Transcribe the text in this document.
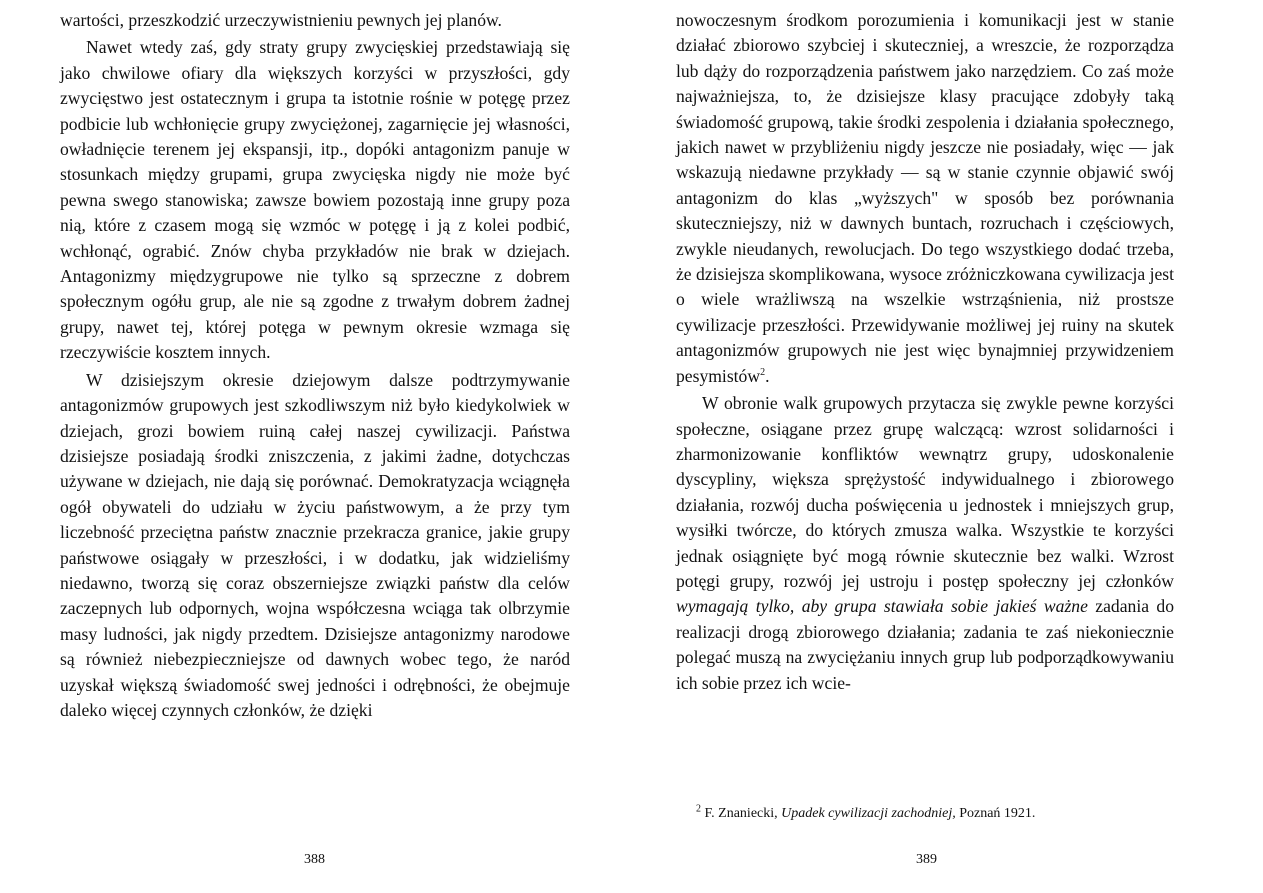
wartości, przeszkodzić urzeczywistnieniu pewnych jej planów.

Nawet wtedy zaś, gdy straty grupy zwycięskiej przedstawiają się jako chwilowe ofiary dla większych korzyści w przyszłości, gdy zwycięstwo jest ostatecznym i grupa ta istotnie rośnie w potęgę przez podbicie lub wchłonięcie grupy zwyciężonej, zagarnięcie jej własności, owładnięcie terenem jej ekspansji, itp., dopóki antagonizm panuje w stosunkach między grupami, grupa zwycięska nigdy nie może być pewna swego stanowiska; zawsze bowiem pozostają inne grupy poza nią, które z czasem mogą się wzmóc w potęgę i ją z kolei podbić, wchłonąć, ograbić. Znów chyba przykładów nie brak w dziejach. Antagonizmy międzygrupowe nie tylko są sprzeczne z dobrem społecznym ogółu grup, ale nie są zgodne z trwałym dobrem żadnej grupy, nawet tej, której potęga w pewnym okresie wzmaga się rzeczywiście kosztem innych.

W dzisiejszym okresie dziejowym dalsze podtrzymywanie antagonizmów grupowych jest szkodliwszym niż było kiedykolwiek w dziejach, grozi bowiem ruiną całej naszej cywilizacji. Państwa dzisiejsze posiadają środki zniszczenia, z jakimi żadne, dotychczas używane w dziejach, nie dają się porównać. Demokratyzacja wciągnęła ogół obywateli do udziału w życiu państwowym, a że przy tym liczebność przeciętna państw znacznie przekracza granice, jakie grupy państwowe osiągały w przeszłości, i w dodatku, jak widzieliśmy niedawno, tworzą się coraz obszerniejsze związki państw dla celów zaczepnych lub odpornych, wojna współczesna wciąga tak olbrzymie masy ludności, jak nigdy przedtem. Dzisiejsze antagonizmy narodowe są również niebezpieczniejsze od dawnych wobec tego, że naród uzyskał większą świadomość swej jedności i odrębności, że obejmuje daleko więcej czynnych członków, że dzięki

nowoczesnym środkom porozumienia i komunikacji jest w stanie działać zbiorowo szybciej i skuteczniej, a wreszcie, że rozporządza lub dąży do rozporządzenia państwem jako narzędziem. Co zaś może najważniejsza, to, że dzisiejsze klasy pracujące zdobyły taką świadomość grupową, takie środki zespolenia i działania społecznego, jakich nawet w przybliżeniu nigdy jeszcze nie posiadały, więc — jak wskazują niedawne przykłady — są w stanie czynnie objawić swój antagonizm do klas „wyższych" w sposób bez porównania skuteczniejszy, niż w dawnych buntach, rozruchach i częściowych, zwykle nieudanych, rewolucjach. Do tego wszystkiego dodać trzeba, że dzisiejsza skomplikowana, wysoce zróżniczkowana cywilizacja jest o wiele wrażliwszą na wszelkie wstrząśnienia, niż prostsze cywilizacje przeszłości. Przewidywanie możliwej jej ruiny na skutek antagonizmów grupowych nie jest więc bynajmniej przywidzeniem pesymistów$^2$.

W obronie walk grupowych przytacza się zwykle pewne korzyści społeczne, osiągane przez grupę walczącą: wzrost solidarności i zharmonizowanie konfliktów wewnątrz grupy, udoskonalenie dyscypliny, większa sprężystość indywidualnego i zbiorowego działania, rozwój ducha poświęcenia u jednostek i mniejszych grup, wysiłki twórcze, do których zmusza walka. Wszystkie te korzyści jednak osiągnięte być mogą równie skutecznie bez walki. Wzrost potęgi grupy, rozwój jej ustroju i postęp społeczny jej członków wymagają tylko, aby grupa stawiała sobie jakieś ważne zadania do realizacji drogą zbiorowego działania; zadania te zaś niekoniecznie polegać muszą na zwyciężaniu innych grup lub podporządkowywaniu ich sobie przez ich wcie-

$^2$ F. Znaniecki, Upadek cywilizacji zachodniej, Poznań 1921.
388	389
